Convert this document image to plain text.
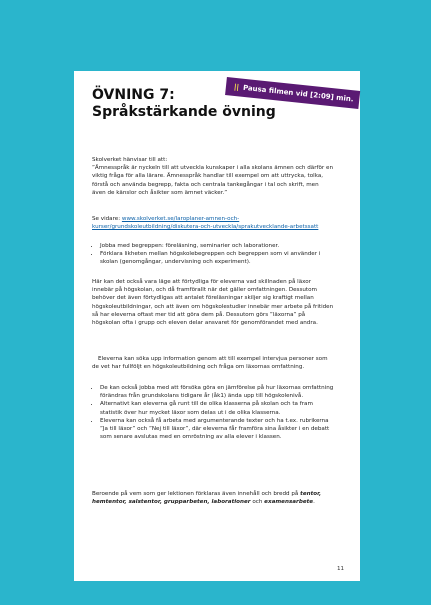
|| Pausa filmen vid [2:09] min.
ÖVNING 7:
Språkstärkande övning

Skolverket hänvisar till att:

”Ämnesspråk är nyckeln till att utveckla kunskaper i alla skolans ämnen och därför en viktig fråga för alla lärare. Ämnesspråk handlar till exempel om att uttrycka, tolka, förstå och använda begrepp, fakta och centrala tankegångar i tal och skrift, men även de känslor och åsikter som ämnet väcker.”

Se vidare: www.skolverket.se/laroplaner-amnen-och-kurser/grundskoleutbildning/diskutera-och-utveckla/sprakutvecklande-arbetssatt
• Jobba med begreppen: föreläsning, seminarier och laborationer.
• Förklara likheten mellan högskolebegreppen och begreppen som vi använder i skolan (genomgångar, undervisning och experiment).

Här kan det också vara läge att förtydliga för eleverna vad skillnaden på läxor innebär på högskolan, och då framförallt när det gäller omfattningen. Dessutom behöver det även förtydligas att antalet föreläsningar skiljer sig kraftigt mellan högskoleutbildningar, och att även om högskolestudier innebär mer arbete på fritiden så har eleverna oftast mer tid att göra dem på. Dessutom görs ”läxorna” på högskolan ofta i grupp och eleven delar ansvaret för genomförandet med andra.

Eleverna kan söka upp information genom att till exempel intervjua personer som de vet har fullföljt en högskoleutbildning och fråga om läxornas omfattning.

• De kan också jobba med att försöka göra en jämförelse på hur läxornas omfattning förändras från grundskolans tidigare år (åk1) ända upp till högskolenivå.
• Alternativt kan eleverna gå runt till de olika klasserna på skolan och ta fram statistik över hur mycket läxor som delas ut i de olika klasserna.
• Eleverna kan också få arbeta med argumenterande texter och ha t.ex. rubrikerna ”Ja till läxor” och ”Nej till läxor”, där eleverna får framföra sina åsikter i en debatt som senare avslutas med en omröstning av alla elever i klassen.

Beroende på vem som ger lektionen förklaras även innehåll och bredd på tentor, hemtentor, salstentor, grupparbeten, laborationer och examensarbete.

11
